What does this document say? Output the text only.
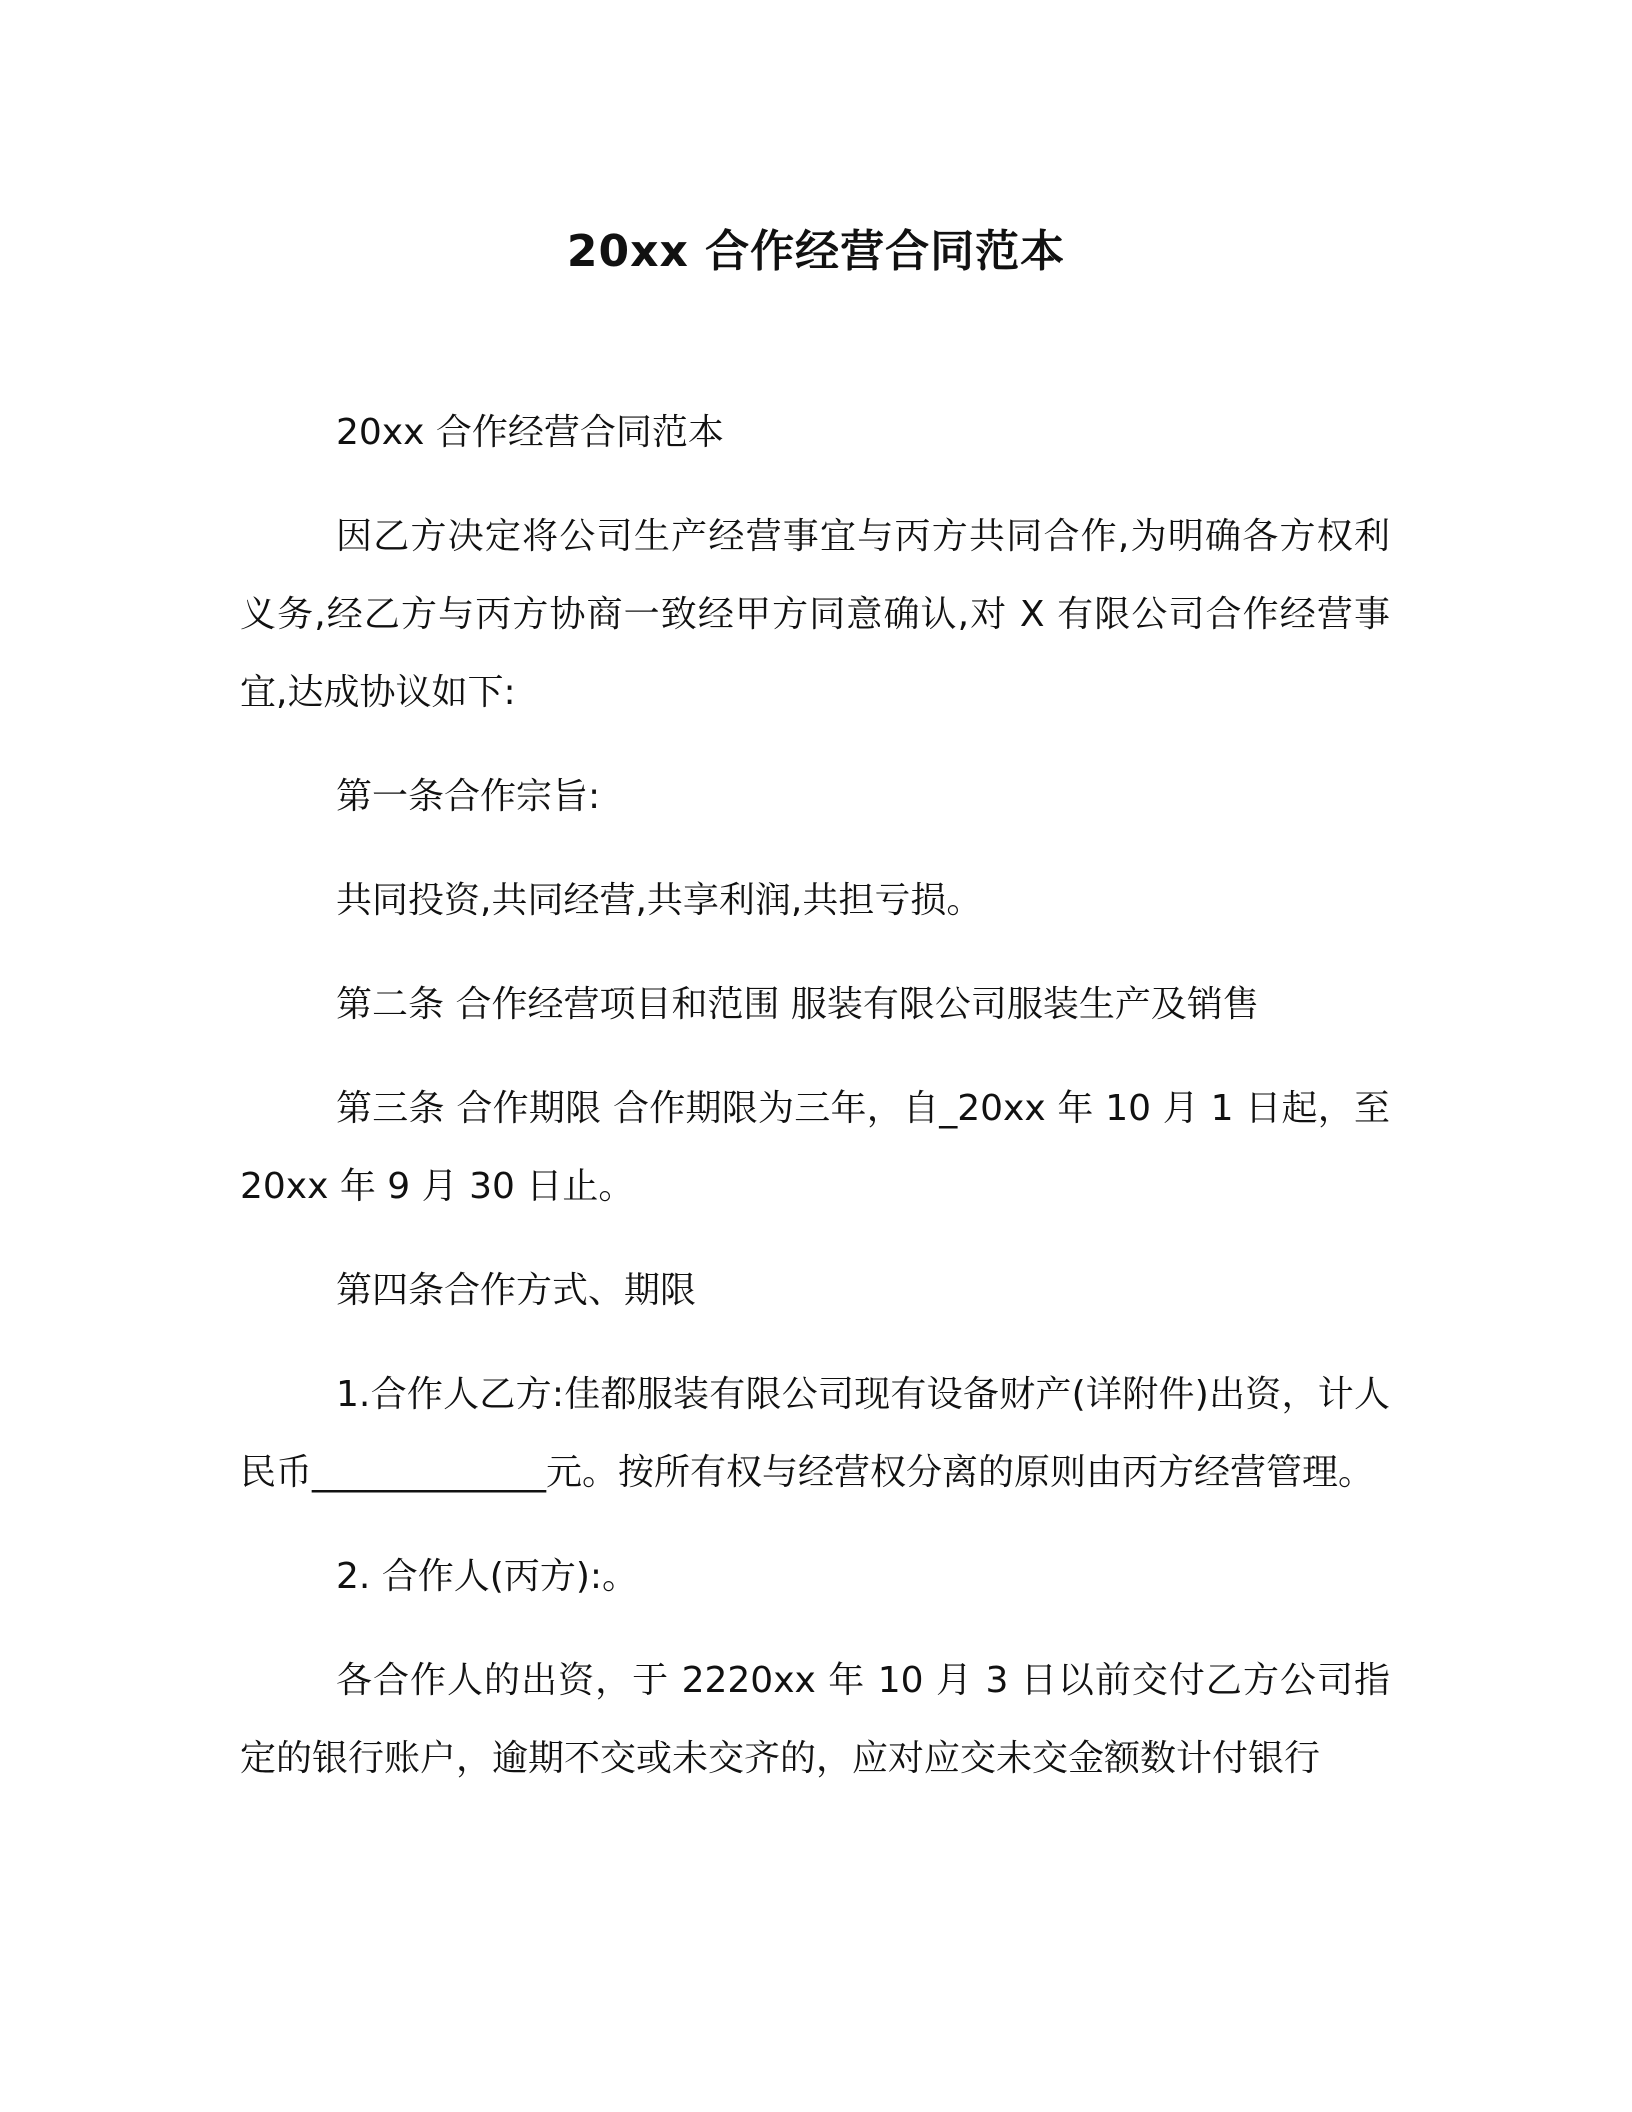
20xx 合作经营合同范本

20xx 合作经营合同范本

因乙方决定将公司生产经营事宜与丙方共同合作,为明确各方权利义务,经乙方与丙方协商一致经甲方同意确认,对 X 有限公司合作经营事宜,达成协议如下:

第一条合作宗旨:

共同投资,共同经营,共享利润,共担亏损。

第二条 合作经营项目和范围 服装有限公司服装生产及销售

第三条 合作期限 合作期限为三年，自_20xx 年 10 月 1 日起，至20xx 年 9 月 30 日止。

第四条合作方式、期限

1.合作人乙方:佳都服装有限公司现有设备财产(详附件)出资，计人民币_____________元。按所有权与经营权分离的原则由丙方经营管理。

2. 合作人(丙方):。

各合作人的出资，于 2220xx 年 10 月 3 日以前交付乙方公司指定的银行账户，逾期不交或未交齐的，应对应交未交金额数计付银行
